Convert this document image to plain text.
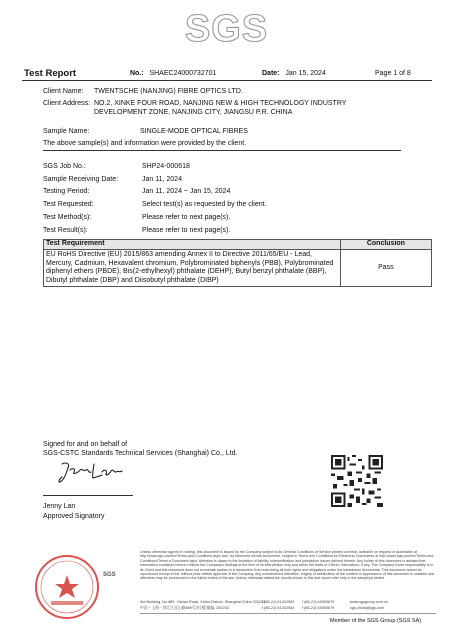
SGS
Test Report	No.: SHAEC24000732701	Date: Jan 15, 2024	Page 1 of 8
Client Name: TWENTSCHE (NANJING) FIBRE OPTICS LTD.
Client Address: NO.2, XINKE FOUR ROAD, NANJING NEW & HIGH TECHNOLOGY INDUSTRY
DEVELOPMENT ZONE, NANJING CITY, JIANGSU P.R. CHINA
Sample Name:	SINGLE-MODE OPTICAL FIBRES
The above sample(s) and information were provided by the client.
SGS Job No.:	SHP24-000618
Sample Receiving Date:	Jan 11, 2024
Testing Period:	Jan 11, 2024 ~ Jan 15, 2024
Test Requested:	Select test(s) as requested by the client.
Test Method(s):	Please refer to next page(s).
Test Result(s):	Please refer to next page(s).
Test Requirement	Conclusion
EU RoHS Directive (EU) 2015/863 amending Annex II to Directive 2011/65/EU - Lead, Mercury, Cadmium, Hexavalent chromium, Polybrominated biphenyls (PBB), Polybrominated diphenyl ethers (PBDE), Bis(2-ethylhexyl) phthalate (DEHP), Butyl benzyl phthalate (BBP), Dibutyl phthalate (DBP) and Diisobutyl phthalate (DIBP)	Pass
Signed for and on behalf of
SGS-CSTC Standards Technical Services (Shanghai) Co., Ltd.
Jenny Lan
Approved Signatory

SGS
Unless otherwise agreed in writing, this document is issued by the Company subject to its General Conditions of Service printed overleaf, available on request or accessible at http://www.sgs.com/en/Terms-and-Conditions.aspx and, for electronic format documents, subject to Terms and Conditions for Electronic Documents at http://www.sgs.com/en/Terms-and-Conditions/Terms-e-Document.aspx. Attention is drawn to the limitation of liability, indemnification and jurisdiction issues defined therein. Any holder of this document is advised that information contained hereon reflects the Company's findings at the time of its intervention only and within the limits of Client's instructions, if any. The Company's sole responsibility is to its Client and this document does not exonerate parties to a transaction from exercising all their rights and obligations under the transaction documents. This document cannot be reproduced except in full, without prior written approval of the Company. Any unauthorized alteration, forgery or falsification of the content or appearance of this document is unlawful and offenders may be prosecuted to the fullest extent of the law. Unless otherwise stated the results shown in this test report refer only to the sample(s) tested.
3rd Building, No.889, Yishan Road, Xuhui District, Shanghai China 200233
中国・上海・徐汇区宜山路889号3号楼 邮编: 200233
t (86-21) 61402553 f (86-21) 64953679	www.sgsgroup.com.cn
t (86-21) 61402553 f (86-21) 64953679	sgs.china@sgs.com
Member of the SGS Group (SGS SA)
